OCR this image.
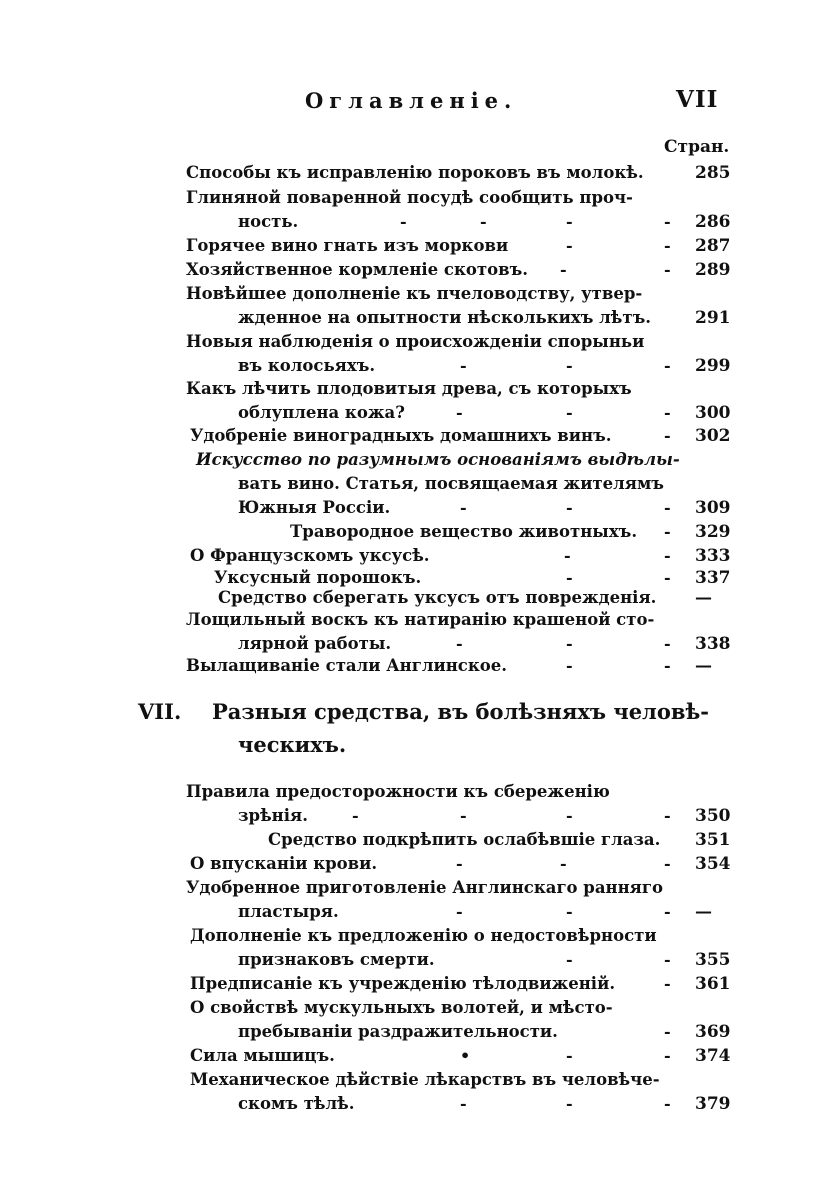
Оглавленіе.	VII
Стран.
Способы къ исправленію пороковъ въ молокѣ.	285
Глиняной поваренной посудѣ сообщить проч-
ность.	-	-	-	- 286
Горячее вино гнать изъ моркови	-	- 287
Хозяйственное кормленіе скотовъ. -	- 289
Новѣйшее дополненіе къ пчеловодству, утвер-
жденное на опытности нѣсколькихъ лѣтъ.	291
Новыя наблюденія о происхожденіи спорыньи
въ колосьяхъ.	-	-	- 299
Какъ лѣчить плодовитыя древа, съ которыхъ
облуплена кожа?	-	-	- 300
Удобреніе виноградныхъ домашнихъ винъ.	- 302
Искусство по разумнымъ основаніямъ выдѣлы-
вать вино. Статья, посвящаемая жителямъ
Южныя Россіи.	-	-	- 309
Травородное вещество животныхъ. - 329
О Французскомъ уксусѣ.	-	- 333
Уксусный порошокъ.	-	- 337
Средство сберегать уксусъ отъ поврежденія. —
Лощильный воскъ къ натиранію крашеной сто-
лярной работы.	-	-	- 338
Вылащиваніе стали Англинское.	-	- —
VII. Разныя средства, въ болѣзняхъ человѣ-
ческихъ.
Правила предосторожности къ сбереженію
зрѣнія.	-	-	-	- 350
Средство подкрѣпить ослабѣвшіе глаза. 351
О впусканіи крови.	-	-	- 354
Удобренное приготовленіе Англинскаго ранняго
пластыря.	-	-	- —
Дополненіе къ предложенію о недостовѣрности
признаковъ смерти.	-	- 355
Предписаніе къ учрежденію тѣлодвиженій.	- 361
О свойствѣ мускульныхъ волотей, и мѣсто-
пребываніи раздражительности.	- 369
Сила мышицъ.	•	-	- 374
Механическое дѣйствіе лѣкарствъ въ человѣче-
скомъ тѣлѣ.	-	-	- 379
